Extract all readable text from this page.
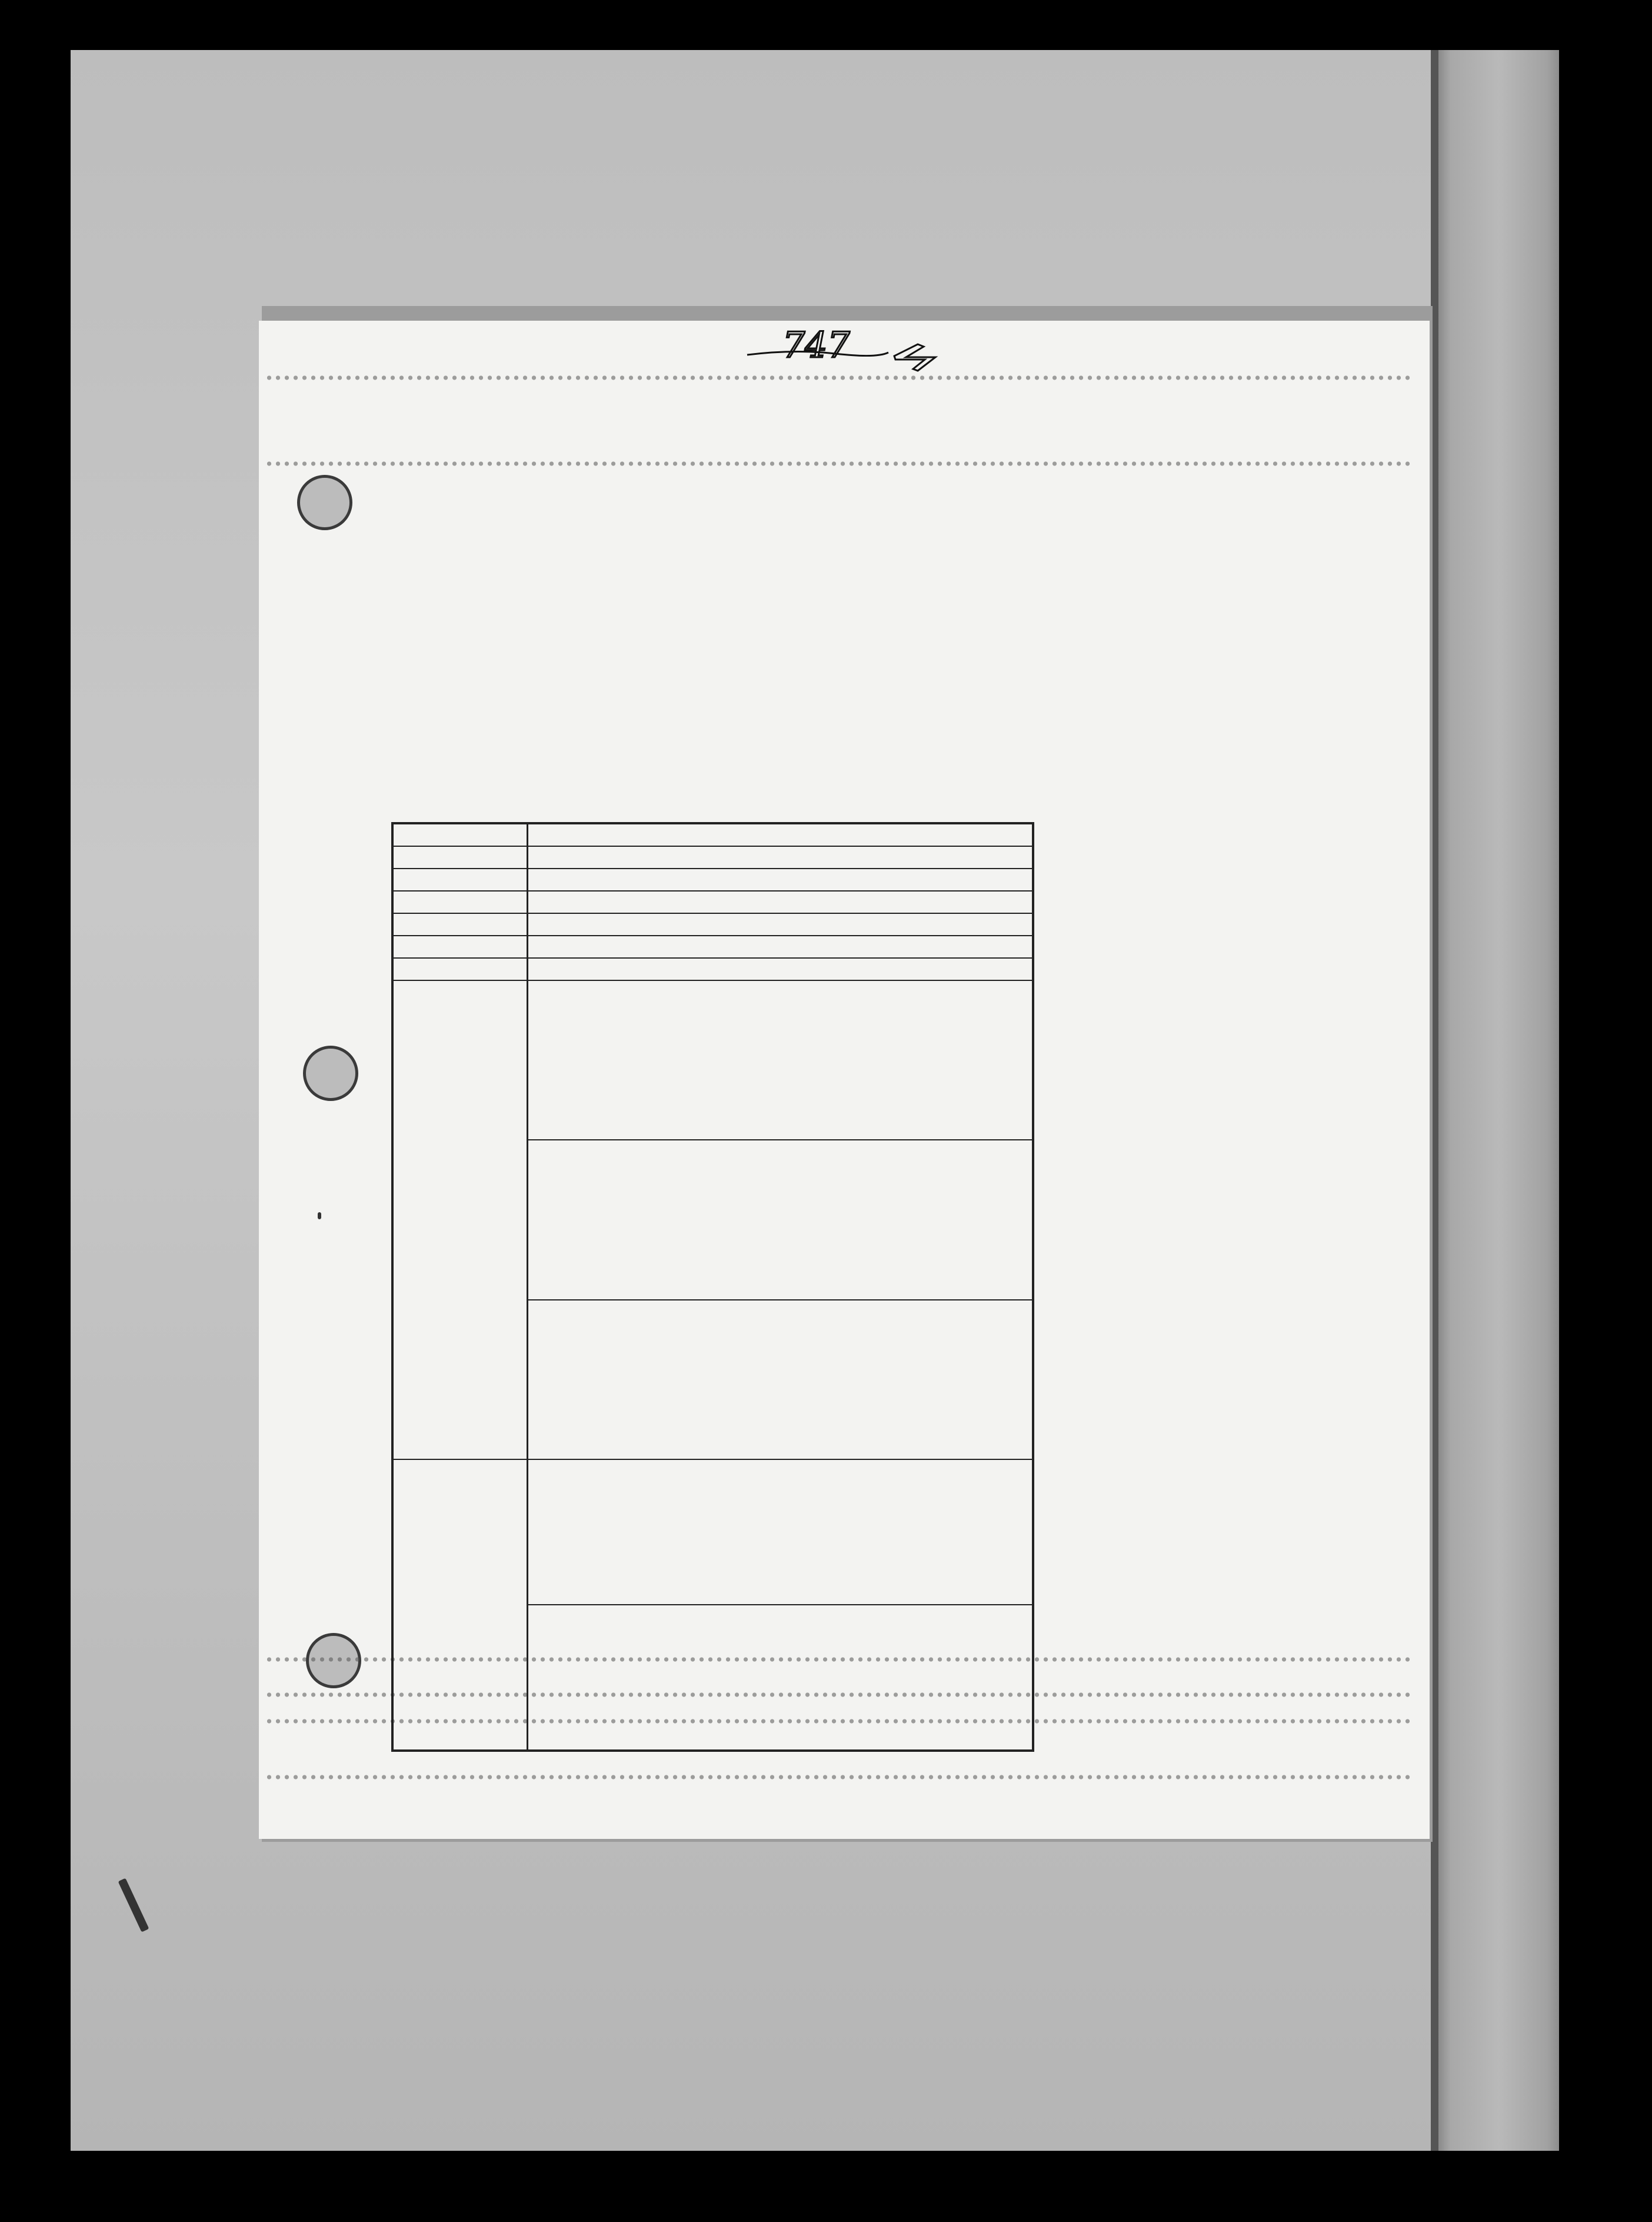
747
